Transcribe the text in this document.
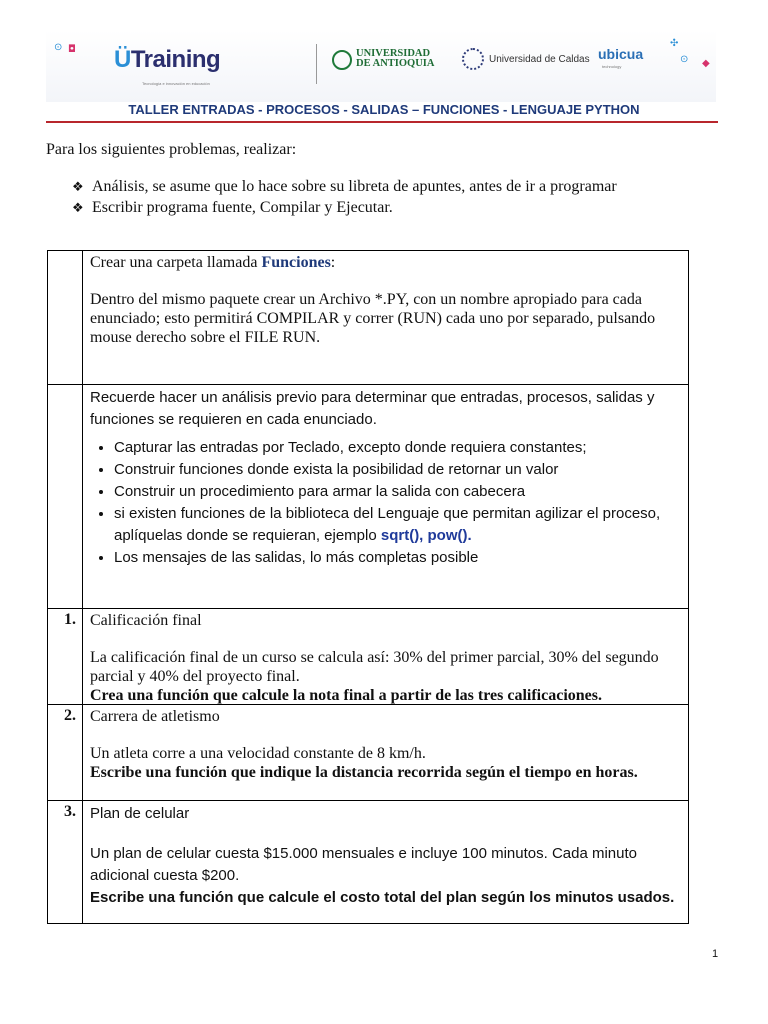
⊙ ◘
✣
⊙ ◆
ÜTraining
Tecnología e innovación en educación
UNIVERSIDAD
DE ANTIOQUIA	Universidad de Caldas ubicua
technology
TALLER ENTRADAS - PROCESOS - SALIDAS – FUNCIONES - LENGUAJE PYTHON
Para los siguientes problemas, realizar:
❖ Análisis, se asume que lo hace sobre su libreta de apuntes, antes de ir a programar
❖ Escribir programa fuente, Compilar y Ejecutar.

Crear una carpeta llamada Funciones:

Dentro del mismo paquete crear un Archivo *.PY, con un nombre apropiado para cada enunciado; esto permitirá COMPILAR y correr (RUN) cada uno por separado, pulsando mouse derecho sobre el FILE RUN.

Recuerde hacer un análisis previo para determinar que entradas, procesos, salidas y funciones se requieren en cada enunciado.

• Capturar las entradas por Teclado, excepto donde requiera constantes;
• Construir funciones donde exista la posibilidad de retornar un valor
• Construir un procedimiento para armar la salida con cabecera
• si existen funciones de la biblioteca del Lenguaje que permitan agilizar el proceso, aplíquelas donde se requieran, ejemplo sqrt(), pow().
• Los mensajes de las salidas, lo más completas posible
1. Calificación final

La calificación final de un curso se calcula así: 30% del primer parcial, 30% del segundo parcial y 40% del proyecto final.

Crea una función que calcule la nota final a partir de las tres calificaciones.

2. Carrera de atletismo

Un atleta corre a una velocidad constante de 8 km/h.

Escribe una función que indique la distancia recorrida según el tiempo en horas.

3. Plan de celular

Un plan de celular cuesta $15.000 mensuales e incluye 100 minutos. Cada minuto adicional cuesta $200.

Escribe una función que calcule el costo total del plan según los minutos usados.

1
